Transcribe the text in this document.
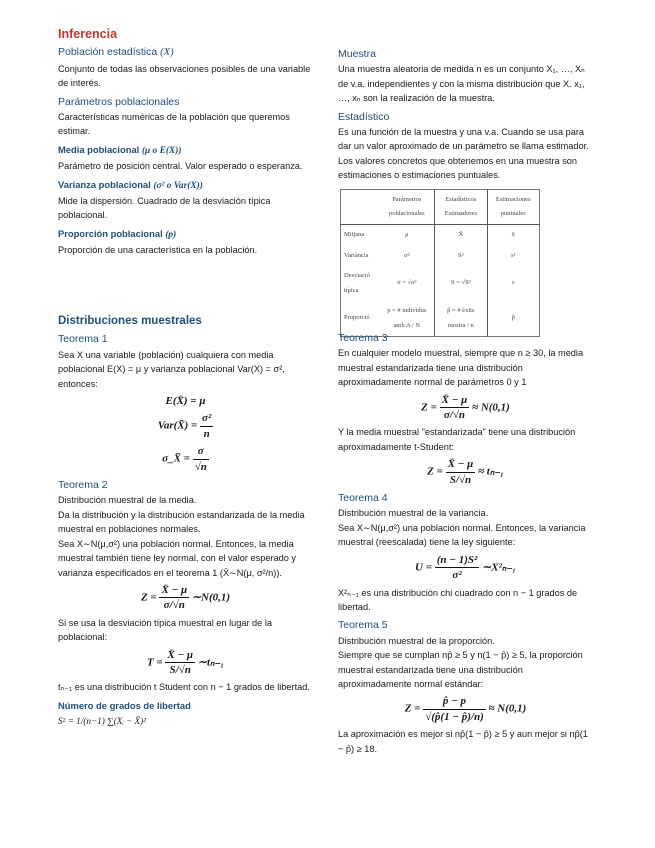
Inferencia
Población estadística (X)

Conjunto de todas las observaciones posibles de una variable de interés.

Parámetros poblacionales

Características numéricas de la población que queremos estimar.

Media poblacional (μ o E(X))

Parámetro de posición central. Valor esperado o esperanza.

Varianza poblacional (σ² o Var(X))

Mide la dispersión. Cuadrado de la desviación típica poblacional.

Proporción poblacional (p)

Proporción de una característica en la población.

Muestra

Una muestra aleatoria de medida n es un conjunto X₁, …, Xₙ de v.a. independientes y con la misma distribución que X. x₁, …, xₙ son la realización de la muestra.

Estadístico

Es una función de la muestra y una v.a. Cuando se usa para dar un valor aproximado de un parámetro se llama estimador. Los valores concretos que obtenemos en una muestra son estimaciones o estimaciones puntuales.

	Parámetros poblacionales	Estadísticos Estimadores	Estimaciones puntuales
Mitjana	μ	X̄	x̄
Variància	σ²	S²	s²
Desviació típica	σ = √σ²	S = √S²	s
Proporció	p = # individus amb A / N	p̂ = # èxits mostra / n	p̂
Distribuciones muestrales
Teorema 1

Sea X una variable (población) cualquiera con media poblacional E(X) = μ y varianza poblacional Var(X) = σ², entonces:

E(X̄) = μ
Var(X̄) = $\frac{\text{σ²}}{n}$
σ_X̄ = $\frac{\sigma}{√n}$
Teorema 2

Distribución muestral de la media.

Da la distribución y la distribución estandarizada de la media muestral en poblaciones normales.

Sea X∼N(μ,σ²) una población normal. Entonces, la media muestral también tiene ley normal, con el valor esperado y varianza especificados en el teorema 1 (X̄∼N(μ, σ²/n)).

$Z = \frac{X̄ - \mu}{\sigma/√n}$ ∼N(0,1)

Si se usa la desviación típica muestral en lugar de la poblacional:

$T = \frac{X̄ - \mu}{S/√n}$ ∼tₙ₋₁

tₙ₋₁ es una distribución t Student con n − 1 grados de libertad.

Número de grados de libertad

S² = 1/(n−1) ∑(Xᵢ − X̄)²

Teorema 3

En cualquier modelo muestral, siempre que n ≥ 30, la media muestral estandarizada tiene una distribución aproximadamente normal de parámetros 0 y 1

$Z = \frac{X̄ - \mu}{\sigma/√n} \approx N(0,1)$

Y la media muestral "estandarizada" tiene una distribución aproximadamente t-Student:

$Z = \frac{X̄ - \mu}{S/√n} \approx t_{n-1}$
Teorema 4

Distribución muestral de la variancia.

Sea X∼N(μ,σ²) una población normal. Entonces, la variancia muestral (reescalada) tiene la ley siguiente:

$U = \frac{\text{(n − 1)S²}}{\text{σ²}}$ ∼X²ₙ₋₁

X²ₙ₋₁ es una distribución chi cuadrado con n − 1 grados de libertad.

Teorema 5

Distribución muestral de la proporción.

Siempre que se cumplan np̂ ≥ 5 y n(1 − p̂) ≥ 5, la proporción muestral estandarizada tiene una distribución aproximadamente normal estándar:

$Z = \frac{p̂ - p}{√(p̂(1 - p̂)/n)} \approx N(0,1)$

La aproximación es mejor si np̂(1 − p̂) ≥ 5 y aun mejor si np̂(1 − p̂) ≥ 18.
